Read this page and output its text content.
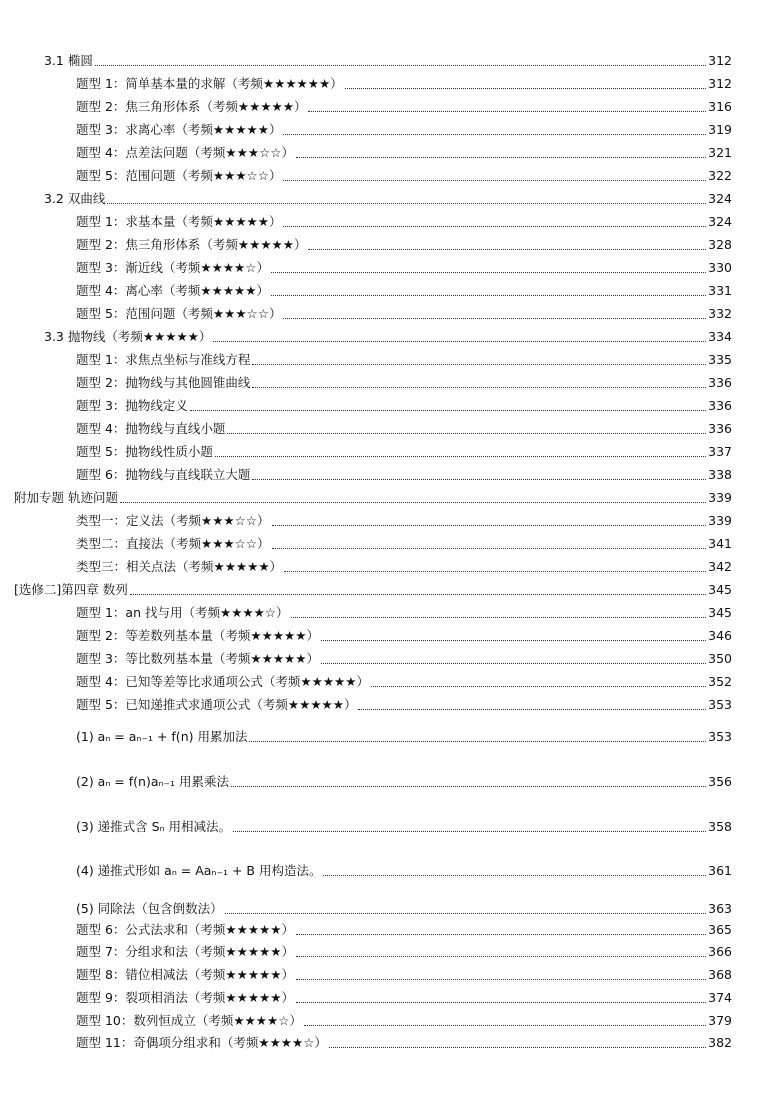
3.1 椭圆	312
题型 1：简单基本量的求解（考频★★★★★★）	312
题型 2：焦三角形体系（考频★★★★★）	316
题型 3：求离心率（考频★★★★★）	319
题型 4：点差法问题（考频★★★☆☆）	321
题型 5：范围问题（考频★★★☆☆）	322
3.2 双曲线	324
题型 1：求基本量（考频★★★★★）	324
题型 2：焦三角形体系（考频★★★★★）	328
题型 3：渐近线（考频★★★★☆）	330
题型 4：离心率（考频★★★★★）	331
题型 5：范围问题（考频★★★☆☆）	332
3.3 抛物线（考频★★★★★）	334
题型 1：求焦点坐标与准线方程	335
题型 2：抛物线与其他圆锥曲线	336
题型 3：抛物线定义	336
题型 4：抛物线与直线小题	336
题型 5：抛物线性质小题	337
题型 6：抛物线与直线联立大题	338
附加专题 轨迹问题	339
类型一：定义法（考频★★★☆☆）	339
类型二：直接法（考频★★★☆☆）	341
类型三：相关点法（考频★★★★★）	342
[选修二]第四章 数列	345
题型 1：an 找与用（考频★★★★☆）	345
题型 2：等差数列基本量（考频★★★★★）	346
题型 3：等比数列基本量（考频★★★★★）	350
题型 4：已知等差等比求通项公式（考频★★★★★）	352
题型 5：已知递推式求通项公式（考频★★★★★）	353
(1) aₙ = aₙ₋₁ + f(n) 用累加法	353
(2) aₙ = f(n)aₙ₋₁ 用累乘法	356
(3) 递推式含 Sₙ 用相减法。	358
(4) 递推式形如 aₙ = Aaₙ₋₁ + B 用构造法。	361
(5) 同除法（包含倒数法）	363
题型 6：公式法求和（考频★★★★★）	365
题型 7：分组求和法（考频★★★★★）	366
题型 8：错位相减法（考频★★★★★）	368
题型 9：裂项相消法（考频★★★★★）	374
题型 10：数列恒成立（考频★★★★☆）	379
题型 11：奇偶项分组求和（考频★★★★☆）	382
